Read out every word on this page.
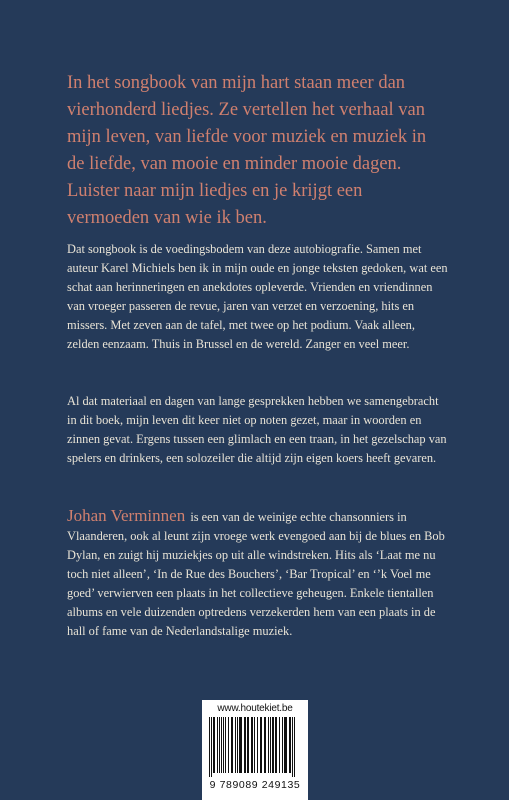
In het songbook van mijn hart staan meer dan vierhonderd liedjes. Ze vertellen het verhaal van mijn leven, van liefde voor muziek en muziek in de liefde, van mooie en minder mooie dagen. Luister naar mijn liedjes en je krijgt een vermoeden van wie ik ben.

Dat songbook is de voedingsbodem van deze autobiografie. Samen met auteur Karel Michiels ben ik in mijn oude en jonge teksten gedoken, wat een schat aan herinneringen en anekdotes opleverde. Vrienden en vriendinnen van vroeger passeren de revue, jaren van verzet en verzoening, hits en missers. Met zeven aan de tafel, met twee op het podium. Vaak alleen, zelden eenzaam. Thuis in Brussel en de wereld. Zanger en veel meer.

Al dat materiaal en dagen van lange gesprekken hebben we samengebracht in dit boek, mijn leven dit keer niet op noten gezet, maar in woorden en zinnen gevat. Ergens tussen een glimlach en een traan, in het gezelschap van spelers en drinkers, een solozeiler die altijd zijn eigen koers heeft gevaren.

Johan Verminnen is een van de weinige echte chansonniers in Vlaanderen, ook al leunt zijn vroege werk evengoed aan bij de blues en Bob Dylan, en zuigt hij muziekjes op uit alle windstreken. Hits als ‘Laat me nu toch niet alleen’, ‘In de Rue des Bouchers’, ‘Bar Tropical’ en ‘’k Voel me goed’ verwierven een plaats in het collectieve geheugen. Enkele tientallen albums en vele duizenden optredens verzekerden hem van een plaats in de hall of fame van de Nederlandstalige muziek.

www.houtekiet.be
9 789089 249135
